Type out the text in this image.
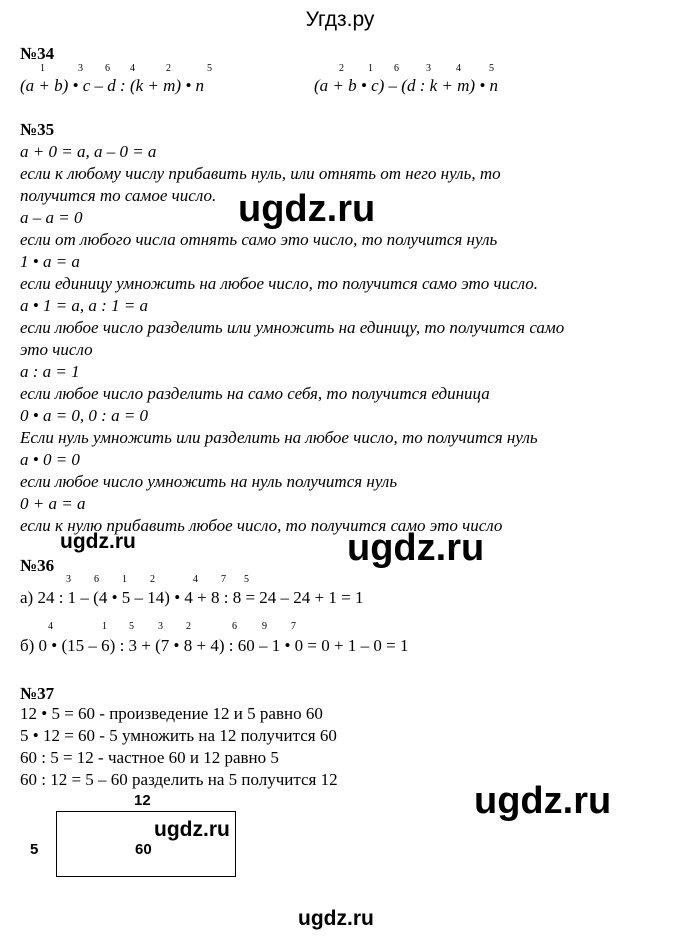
Угдз.ру
№34
1	3 6 4	2	5
(a + b) • c – d : (k + m) • n
2 1 6	3	4	5
(a + b • c) – (d : k + m) • n
№35
a + 0 = a, a – 0 = a
если к любому числу прибавить нуль, или отнять от него нуль, то
получится то самое число.
a – a = 0
если от любого числа отнять само это число, то получится нуль
1 • a = a
если единицу умножить на любое число, то получится само это число.
a • 1 = a, a : 1 = a
если любое число разделить или умножить на единицу, то получится само
это число
a : a = 1
если любое число разделить на само себя, то получится единица
0 • a = 0, 0 : a = 0
Если нуль умножить или разделить на любое число, то получится нуль
a • 0 = 0
если любое число умножить на нуль получится нуль
0 + a = a
если к нулю прибавить любое число, то получится само это число
№36
3 6 1 2	4 7 5
а) 24 : 1 – (4 • 5 – 14) • 4 + 8 : 8 = 24 – 24 + 1 = 1
4	1 5 3 2	6	9 7
б) 0 • (15 – 6) : 3 + (7 • 8 + 4) : 60 – 1 • 0 = 0 + 1 – 0 = 1
№37
12 • 5 = 60 - произведение 12 и 5 равно 60
5 • 12 = 60 - 5 умножить на 12 получится 60
60 : 5 = 12 - частное 60 и 12 равно 5
60 : 12 = 5 – 60 разделить на 5 получится 12
12
5	60
ugdz.ru
ugdz.ru	ugdz.ru
ugdz.ru
ugdz.ru
ugdz.ru
